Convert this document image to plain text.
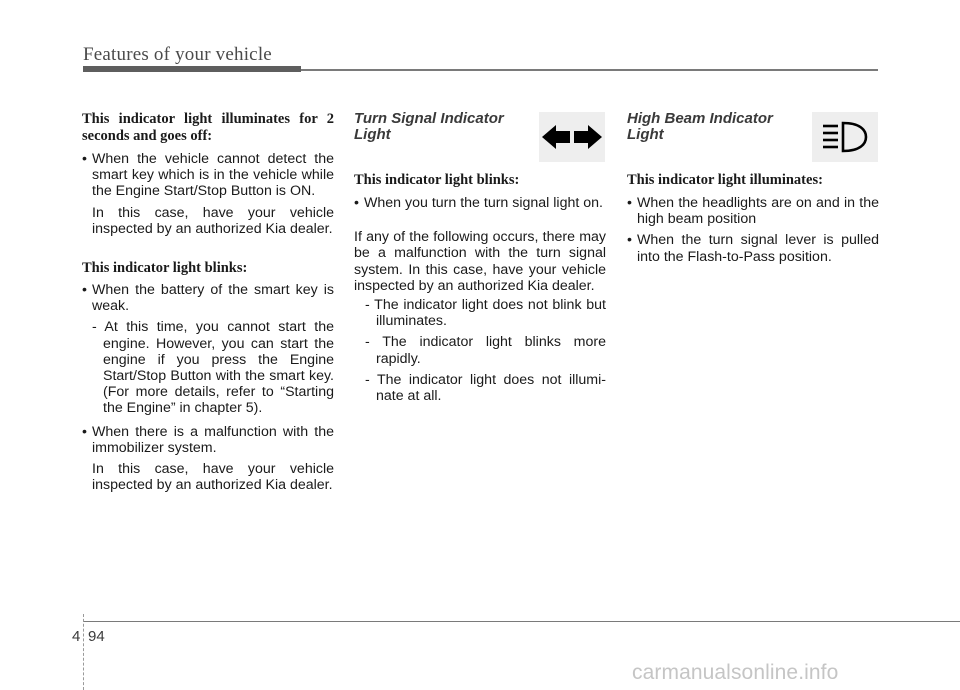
Features of your vehicle

This indicator light illuminates for 2 seconds and goes off:

• When the vehicle cannot detect the smart key which is in the vehicle while the Engine Start/Stop Button is ON.

In this case, have your vehicle inspected by an authorized Kia dealer.

This indicator light blinks:

• When the battery of the smart key is weak.

- At this time, you cannot start the engine. However, you can start the engine if you press the Engine Start/Stop Button with the smart key. (For more details, refer to “Starting the Engine” in chapter 5).

• When there is a malfunction with the immobilizer system.

In this case, have your vehicle inspected by an authorized Kia dealer.

Turn Signal Indicator

Light

This indicator light blinks:

• When you turn the turn signal light on.

If any of the following occurs, there may be a malfunction with the turn signal system. In this case, have your vehicle inspected by an authorized Kia dealer.

- The indicator light does not blink but illuminates.

- The indicator light blinks more rapidly.

- The indicator light does not illumi- nate at all.

High Beam Indicator

Light

This indicator light illuminates:

• When the headlights are on and in the high beam position

• When the turn signal lever is pulled into the Flash-to-Pass position.

4 94
carmanualsonline.info
